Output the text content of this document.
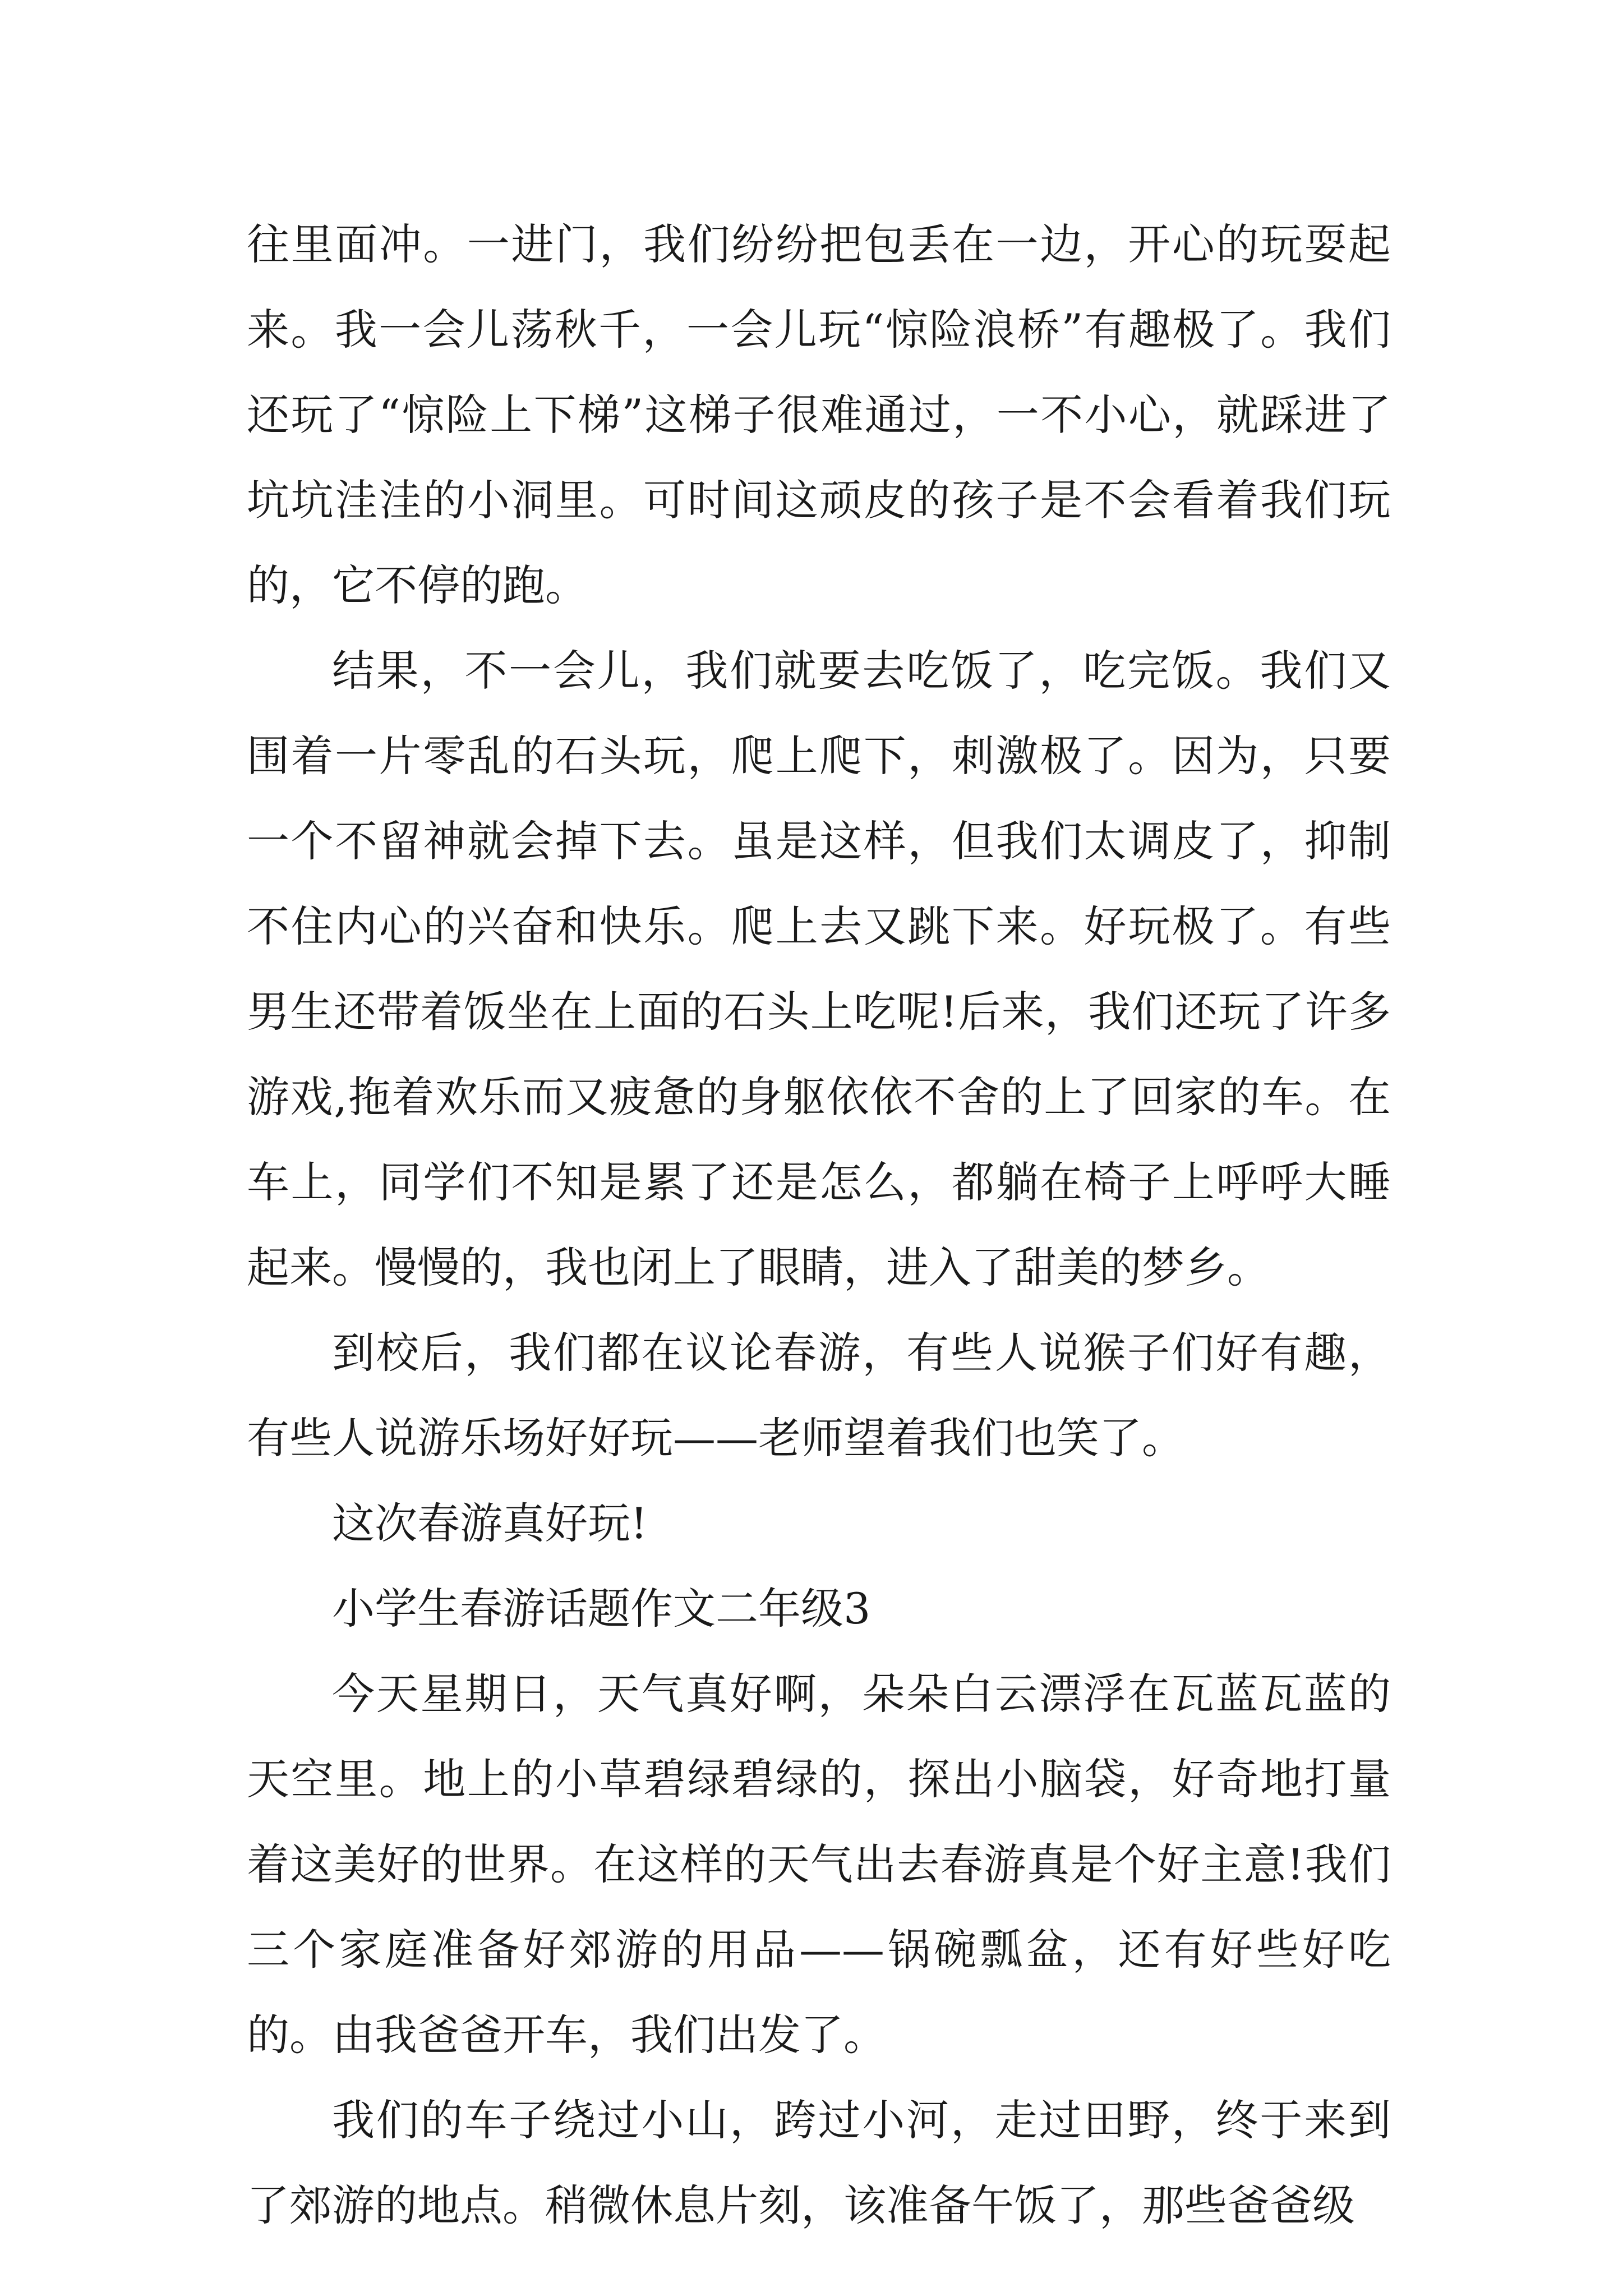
往里面冲。一进门，我们纷纷把包丢在一边，开心的玩耍起来。我一会儿荡秋千，一会儿玩“惊险浪桥”有趣极了。我们还玩了“惊险上下梯”这梯子很难通过，一不小心，就踩进了坑坑洼洼的小洞里。可时间这顽皮的孩子是不会看着我们玩的，它不停的跑。

结果，不一会儿，我们就要去吃饭了，吃完饭。我们又围着一片零乱的石头玩，爬上爬下，刺激极了。因为，只要一个不留神就会掉下去。虽是这样，但我们太调皮了，抑制不住内心的兴奋和快乐。爬上去又跳下来。好玩极了。有些男生还带着饭坐在上面的石头上吃呢!后来，我们还玩了许多游戏,拖着欢乐而又疲惫的身躯依依不舍的上了回家的车。在车上，同学们不知是累了还是怎么，都躺在椅子上呼呼大睡起来。慢慢的，我也闭上了眼睛，进入了甜美的梦乡。

到校后，我们都在议论春游，有些人说猴子们好有趣，有些人说游乐场好好玩——老师望着我们也笑了。

这次春游真好玩!

小学生春游话题作文二年级3

今天星期日，天气真好啊，朵朵白云漂浮在瓦蓝瓦蓝的天空里。地上的小草碧绿碧绿的，探出小脑袋，好奇地打量着这美好的世界。在这样的天气出去春游真是个好主意!我们三个家庭准备好郊游的用品——锅碗瓢盆，还有好些好吃的。由我爸爸开车，我们出发了。

我们的车子绕过小山，跨过小河，走过田野，终于来到了郊游的地点。稍微休息片刻，该准备午饭了，那些爸爸级
